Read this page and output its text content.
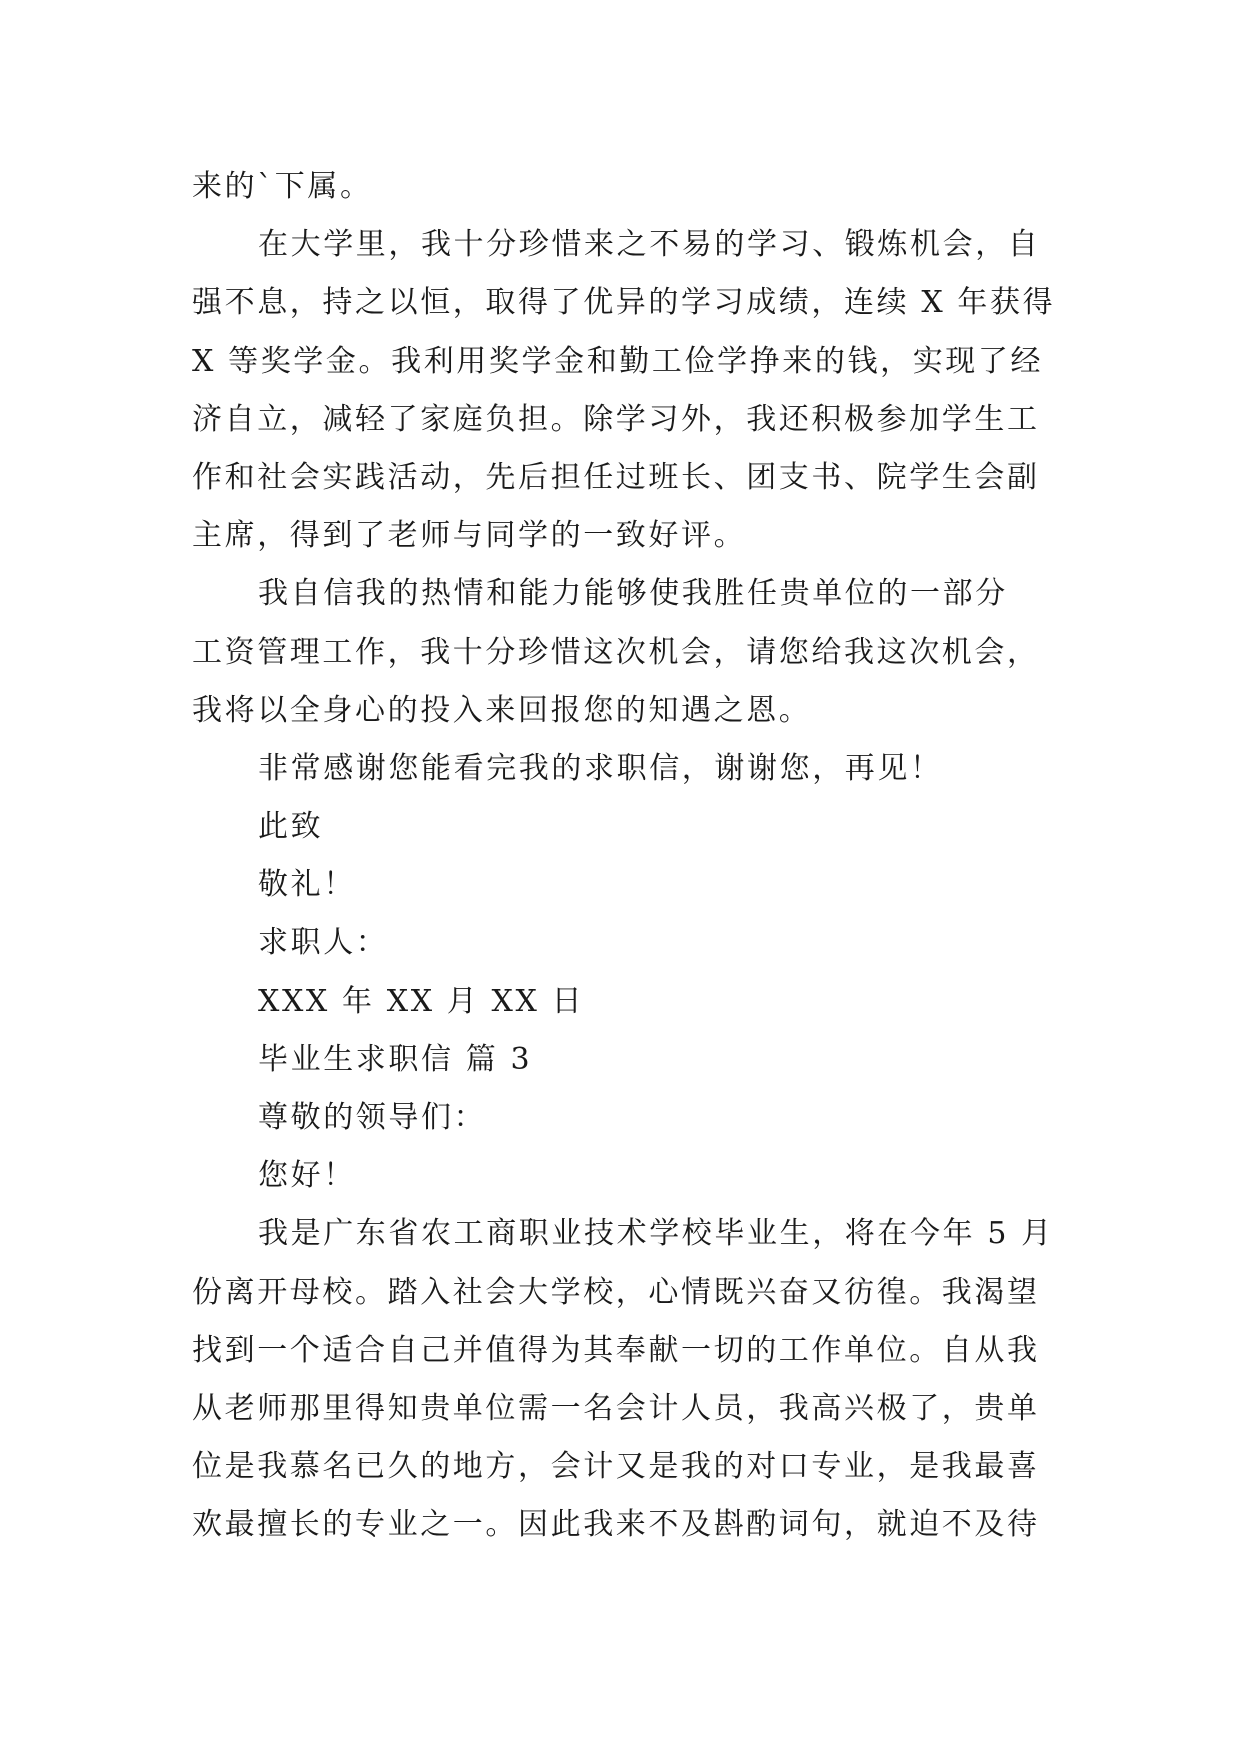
来的`下属。
在大学里，我十分珍惜来之不易的学习、锻炼机会，自
强不息，持之以恒，取得了优异的学习成绩，连续 X 年获得
X 等奖学金。我利用奖学金和勤工俭学挣来的钱，实现了经
济自立，减轻了家庭负担。除学习外，我还积极参加学生工
作和社会实践活动，先后担任过班长、团支书、院学生会副
主席，得到了老师与同学的一致好评。
我自信我的热情和能力能够使我胜任贵单位的一部分
工资管理工作，我十分珍惜这次机会，请您给我这次机会，
我将以全身心的投入来回报您的知遇之恩。
非常感谢您能看完我的求职信，谢谢您，再见！
此致
敬礼！
求职人：
XXX 年 XX 月 XX 日
毕业生求职信 篇 3
尊敬的领导们：
您好！
我是广东省农工商职业技术学校毕业生，将在今年 5 月
份离开母校。踏入社会大学校，心情既兴奋又彷徨。我渴望
找到一个适合自己并值得为其奉献一切的工作单位。自从我
从老师那里得知贵单位需一名会计人员，我高兴极了，贵单
位是我慕名已久的地方，会计又是我的对口专业，是我最喜
欢最擅长的专业之一。因此我来不及斟酌词句，就迫不及待
